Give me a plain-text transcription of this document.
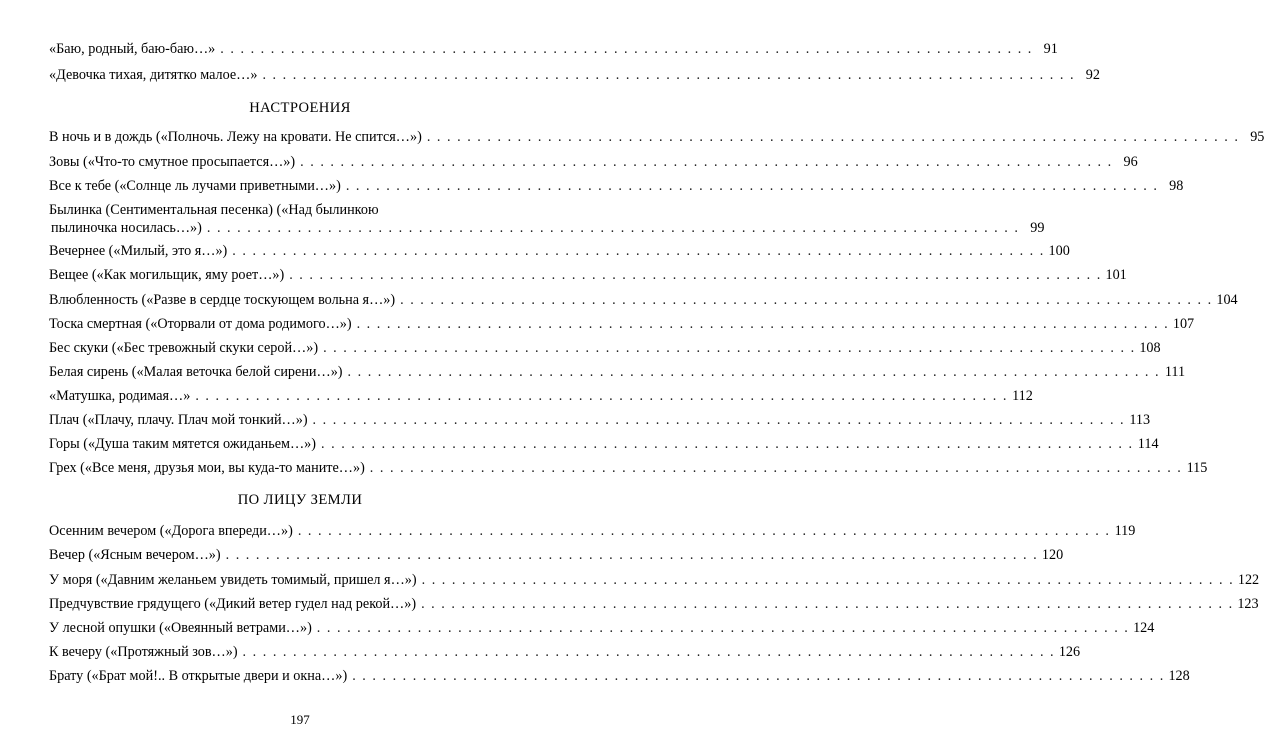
«Баю, родный, баю-баю…» . . . . . . . . . . . . . . . . . . . . . . . . . . . . . . . . . . . . . . . . . . . . . . . . . . . . . . . . . . . . . . . . . . . . . . . . . . . . . . . . . 91
«Девочка тихая, дитятко малое…» . . . . . . . . . . . . . . . . . . . . . . . . . . . . . . . . . . . . . . . . . . . . . . . . . . . . . . . . . . . . . . . . . . . . . . . . . . . . . . . . . 92
НАСТРОЕНИЯ
В ночь и в дождь («Полночь. Лежу на кровати. Не спится…») . . . . . . . . . . . . . . . . . . . . . . . . . . . . . . . . . . . . . . . . . . . . . . . . . . . . . . . . . . . . . . . . . . . . . . . . . . . . . . . . . 95
Зовы («Что-то смутное просыпается…») . . . . . . . . . . . . . . . . . . . . . . . . . . . . . . . . . . . . . . . . . . . . . . . . . . . . . . . . . . . . . . . . . . . . . . . . . . . . . . . . . 96
Все к тебе («Солнце ль лучами приветными…») . . . . . . . . . . . . . . . . . . . . . . . . . . . . . . . . . . . . . . . . . . . . . . . . . . . . . . . . . . . . . . . . . . . . . . . . . . . . . . . . . 98
Былинка (Сентиментальная песенка) («Над былинкою
пылиночка носилась…») . . . . . . . . . . . . . . . . . . . . . . . . . . . . . . . . . . . . . . . . . . . . . . . . . . . . . . . . . . . . . . . . . . . . . . . . . . . . . . . . . 99
Вечернее («Милый, это я…») . . . . . . . . . . . . . . . . . . . . . . . . . . . . . . . . . . . . . . . . . . . . . . . . . . . . . . . . . . . . . . . . . . . . . . . . . . . . . . . . . 100
Вещее («Как могильщик, яму роет…») . . . . . . . . . . . . . . . . . . . . . . . . . . . . . . . . . . . . . . . . . . . . . . . . . . . . . . . . . . . . . . . . . . . . . . . . . . . . . . . . . 101
Влюбленность («Разве в сердце тоскующем вольна я…») . . . . . . . . . . . . . . . . . . . . . . . . . . . . . . . . . . . . . . . . . . . . . . . . . . . . . . . . . . . . . . . . . . . . . . . . . . . . . . . . . 104
Тоска смертная («Оторвали от дома родимого…») . . . . . . . . . . . . . . . . . . . . . . . . . . . . . . . . . . . . . . . . . . . . . . . . . . . . . . . . . . . . . . . . . . . . . . . . . . . . . . . . . 107
Бес скуки («Бес тревожный скуки серой…») . . . . . . . . . . . . . . . . . . . . . . . . . . . . . . . . . . . . . . . . . . . . . . . . . . . . . . . . . . . . . . . . . . . . . . . . . . . . . . . . . 108
Белая сирень («Малая веточка белой сирени…») . . . . . . . . . . . . . . . . . . . . . . . . . . . . . . . . . . . . . . . . . . . . . . . . . . . . . . . . . . . . . . . . . . . . . . . . . . . . . . . . . 111
«Матушка, родимая…» . . . . . . . . . . . . . . . . . . . . . . . . . . . . . . . . . . . . . . . . . . . . . . . . . . . . . . . . . . . . . . . . . . . . . . . . . . . . . . . . . 112
Плач («Плачу, плачу. Плач мой тонкий…») . . . . . . . . . . . . . . . . . . . . . . . . . . . . . . . . . . . . . . . . . . . . . . . . . . . . . . . . . . . . . . . . . . . . . . . . . . . . . . . . . 113
Горы («Душа таким мятется ожиданьем…») . . . . . . . . . . . . . . . . . . . . . . . . . . . . . . . . . . . . . . . . . . . . . . . . . . . . . . . . . . . . . . . . . . . . . . . . . . . . . . . . . 114
Грех («Все меня, друзья мои, вы куда-то маните…») . . . . . . . . . . . . . . . . . . . . . . . . . . . . . . . . . . . . . . . . . . . . . . . . . . . . . . . . . . . . . . . . . . . . . . . . . . . . . . . . . 115
ПО ЛИЦУ ЗЕМЛИ
Осенним вечером («Дорога впереди…») . . . . . . . . . . . . . . . . . . . . . . . . . . . . . . . . . . . . . . . . . . . . . . . . . . . . . . . . . . . . . . . . . . . . . . . . . . . . . . . . . 119
Вечер («Ясным вечером…») . . . . . . . . . . . . . . . . . . . . . . . . . . . . . . . . . . . . . . . . . . . . . . . . . . . . . . . . . . . . . . . . . . . . . . . . . . . . . . . . . 120
У моря («Давним желаньем увидеть томимый, пришел я…») . . . . . . . . . . . . . . . . . . . . . . . . . . . . . . . . . . . . . . . . . . . . . . . . . . . . . . . . . . . . . . . . . . . . . . . . . . . . . . . . . 122
Предчувствие грядущего («Дикий ветер гудел над рекой…») . . . . . . . . . . . . . . . . . . . . . . . . . . . . . . . . . . . . . . . . . . . . . . . . . . . . . . . . . . . . . . . . . . . . . . . . . . . . . . . . . 123
У лесной опушки («Овеянный ветрами…») . . . . . . . . . . . . . . . . . . . . . . . . . . . . . . . . . . . . . . . . . . . . . . . . . . . . . . . . . . . . . . . . . . . . . . . . . . . . . . . . . 124
К вечеру («Протяжный зов…») . . . . . . . . . . . . . . . . . . . . . . . . . . . . . . . . . . . . . . . . . . . . . . . . . . . . . . . . . . . . . . . . . . . . . . . . . . . . . . . . . 126
Брату («Брат мой!.. В открытые двери и окна…») . . . . . . . . . . . . . . . . . . . . . . . . . . . . . . . . . . . . . . . . . . . . . . . . . . . . . . . . . . . . . . . . . . . . . . . . . . . . . . . . . 128
197
